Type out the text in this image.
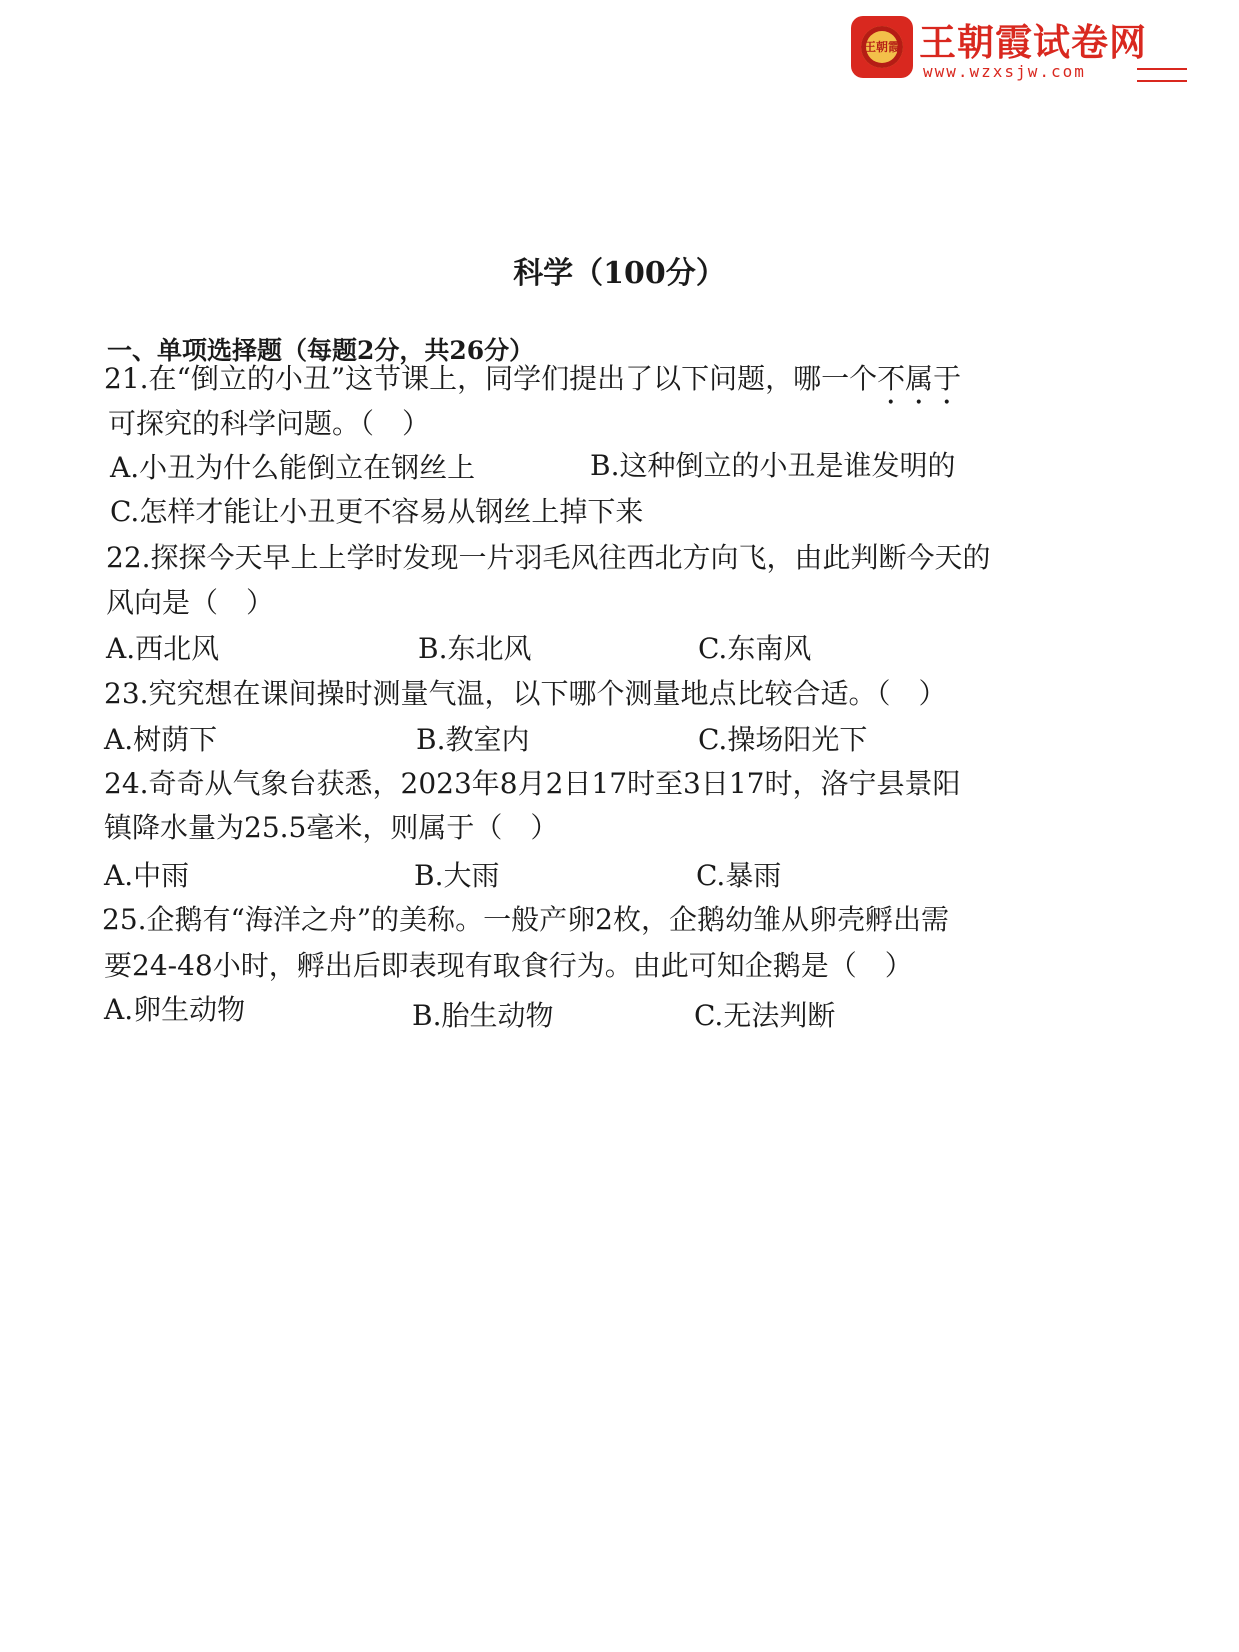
王朝霞 王朝霞试卷网
www.wzxsjw.com
科学（100分）
一、单项选择题（每题2分，共26分）

21.在“倒立的小丑”这节课上，同学们提出了以下问题，哪一个不属于

可探究的科学问题。（　）

A.小丑为什么能倒立在钢丝上	B.这种倒立的小丑是谁发明的

C.怎样才能让小丑更不容易从钢丝上掉下来

22.探探今天早上上学时发现一片羽毛风往西北方向飞，由此判断今天的

风向是（　）

A.西北风	B.东北风	C.东南风

23.究究想在课间操时测量气温，以下哪个测量地点比较合适。（　）

A.树荫下	B.教室内	C.操场阳光下

24.奇奇从气象台获悉，2023年8月2日17时至3日17时，洛宁县景阳

镇降水量为25.5毫米，则属于（　）

A.中雨	B.大雨	C.暴雨

25.企鹅有“海洋之舟”的美称。一般产卵2枚，企鹅幼雏从卵壳孵出需

要24-48小时，孵出后即表现有取食行为。由此可知企鹅是（　）

A.卵生动物	B.胎生动物	C.无法判断
